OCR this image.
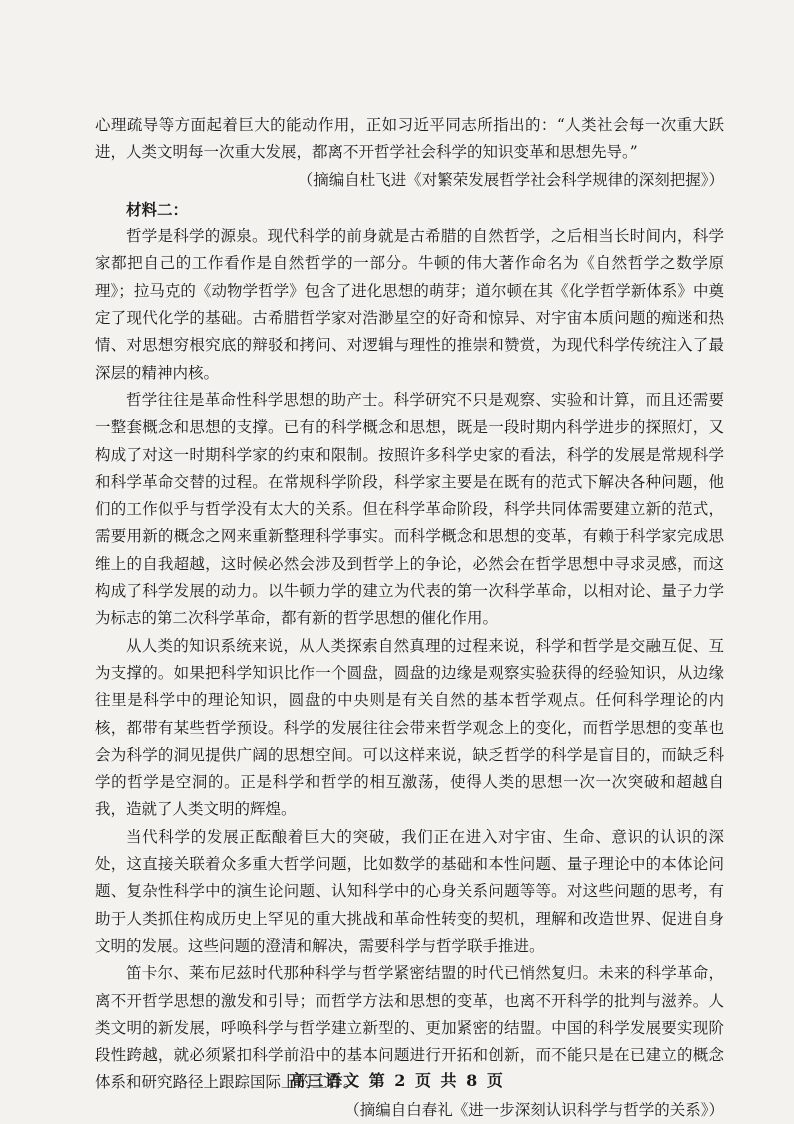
心理疏导等方面起着巨大的能动作用，正如习近平同志所指出的：“人类社会每一次重大跃进，人类文明每一次重大发展，都离不开哲学社会科学的知识变革和思想先导。”

（摘编自杜飞进《对繁荣发展哲学社会科学规律的深刻把握》）

材料二：

哲学是科学的源泉。现代科学的前身就是古希腊的自然哲学，之后相当长时间内，科学家都把自己的工作看作是自然哲学的一部分。牛顿的伟大著作命名为《自然哲学之数学原理》；拉马克的《动物学哲学》包含了进化思想的萌芽；道尔顿在其《化学哲学新体系》中奠定了现代化学的基础。古希腊哲学家对浩渺星空的好奇和惊异、对宇宙本质问题的痴迷和热情、对思想穷根究底的辩驳和拷问、对逻辑与理性的推崇和赞赏，为现代科学传统注入了最深层的精神内核。

哲学往往是革命性科学思想的助产士。科学研究不只是观察、实验和计算，而且还需要一整套概念和思想的支撑。已有的科学概念和思想，既是一段时期内科学进步的探照灯，又构成了对这一时期科学家的约束和限制。按照许多科学史家的看法，科学的发展是常规科学和科学革命交替的过程。在常规科学阶段，科学家主要是在既有的范式下解决各种问题，他们的工作似乎与哲学没有太大的关系。但在科学革命阶段，科学共同体需要建立新的范式，需要用新的概念之网来重新整理科学事实。而科学概念和思想的变革，有赖于科学家完成思维上的自我超越，这时候必然会涉及到哲学上的争论，必然会在哲学思想中寻求灵感，而这构成了科学发展的动力。以牛顿力学的建立为代表的第一次科学革命，以相对论、量子力学为标志的第二次科学革命，都有新的哲学思想的催化作用。

从人类的知识系统来说，从人类探索自然真理的过程来说，科学和哲学是交融互促、互为支撑的。如果把科学知识比作一个圆盘，圆盘的边缘是观察实验获得的经验知识，从边缘往里是科学中的理论知识，圆盘的中央则是有关自然的基本哲学观点。任何科学理论的内核，都带有某些哲学预设。科学的发展往往会带来哲学观念上的变化，而哲学思想的变革也会为科学的洞见提供广阔的思想空间。可以这样来说，缺乏哲学的科学是盲目的，而缺乏科学的哲学是空洞的。正是科学和哲学的相互激荡，使得人类的思想一次一次突破和超越自我，造就了人类文明的辉煌。

当代科学的发展正酝酿着巨大的突破，我们正在进入对宇宙、生命、意识的认识的深处，这直接关联着众多重大哲学问题，比如数学的基础和本性问题、量子理论中的本体论问题、复杂性科学中的演生论问题、认知科学中的心身关系问题等等。对这些问题的思考，有助于人类抓住构成历史上罕见的重大挑战和革命性转变的契机，理解和改造世界、促进自身文明的发展。这些问题的澄清和解决，需要科学与哲学联手推进。

笛卡尔、莱布尼兹时代那种科学与哲学紧密结盟的时代已悄然复归。未来的科学革命，离不开哲学思想的激发和引导；而哲学方法和思想的变革，也离不开科学的批判与滋养。人类文明的新发展，呼唤科学与哲学建立新型的、更加紧密的结盟。中国的科学发展要实现阶段性跨越，就必须紧扣科学前沿中的基本问题进行开拓和创新，而不能只是在已建立的概念体系和研究路径上跟踪国际上的工作。

（摘编自白春礼《进一步深刻认识科学与哲学的关系》）

高三语文 第 2 页 共 8 页
